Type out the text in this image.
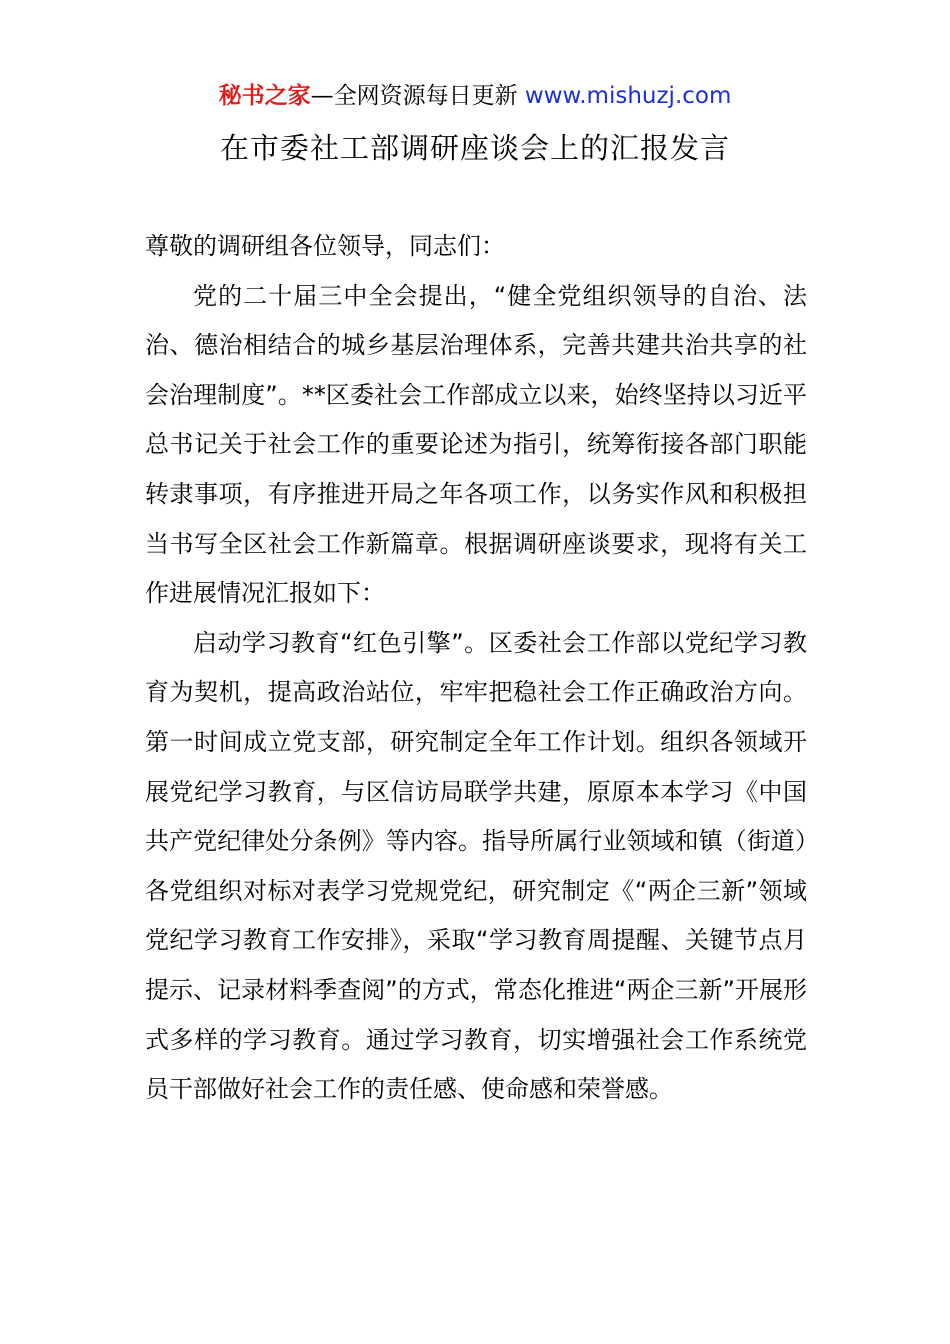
秘书之家—全网资源每日更新 www.mishuzj.com
在市委社工部调研座谈会上的汇报发言

尊敬的调研组各位领导，同志们：

党的二十届三中全会提出，“健全党组织领导的自治、法治、德治相结合的城乡基层治理体系，完善共建共治共享的社会治理制度”。**区委社会工作部成立以来，始终坚持以习近平总书记关于社会工作的重要论述为指引，统筹衔接各部门职能转隶事项，有序推进开局之年各项工作，以务实作风和积极担当书写全区社会工作新篇章。根据调研座谈要求，现将有关工作进展情况汇报如下：

启动学习教育“红色引擎”。区委社会工作部以党纪学习教育为契机，提高政治站位，牢牢把稳社会工作正确政治方向。第一时间成立党支部，研究制定全年工作计划。组织各领域开展党纪学习教育，与区信访局联学共建，原原本本学习《中国共产党纪律处分条例》等内容。指导所属行业领域和镇（街道）各党组织对标对表学习党规党纪，研究制定《“两企三新”领域党纪学习教育工作安排》，采取“学习教育周提醒、关键节点月提示、记录材料季查阅”的方式，常态化推进“两企三新”开展形式多样的学习教育。通过学习教育，切实增强社会工作系统党员干部做好社会工作的责任感、使命感和荣誉感。
